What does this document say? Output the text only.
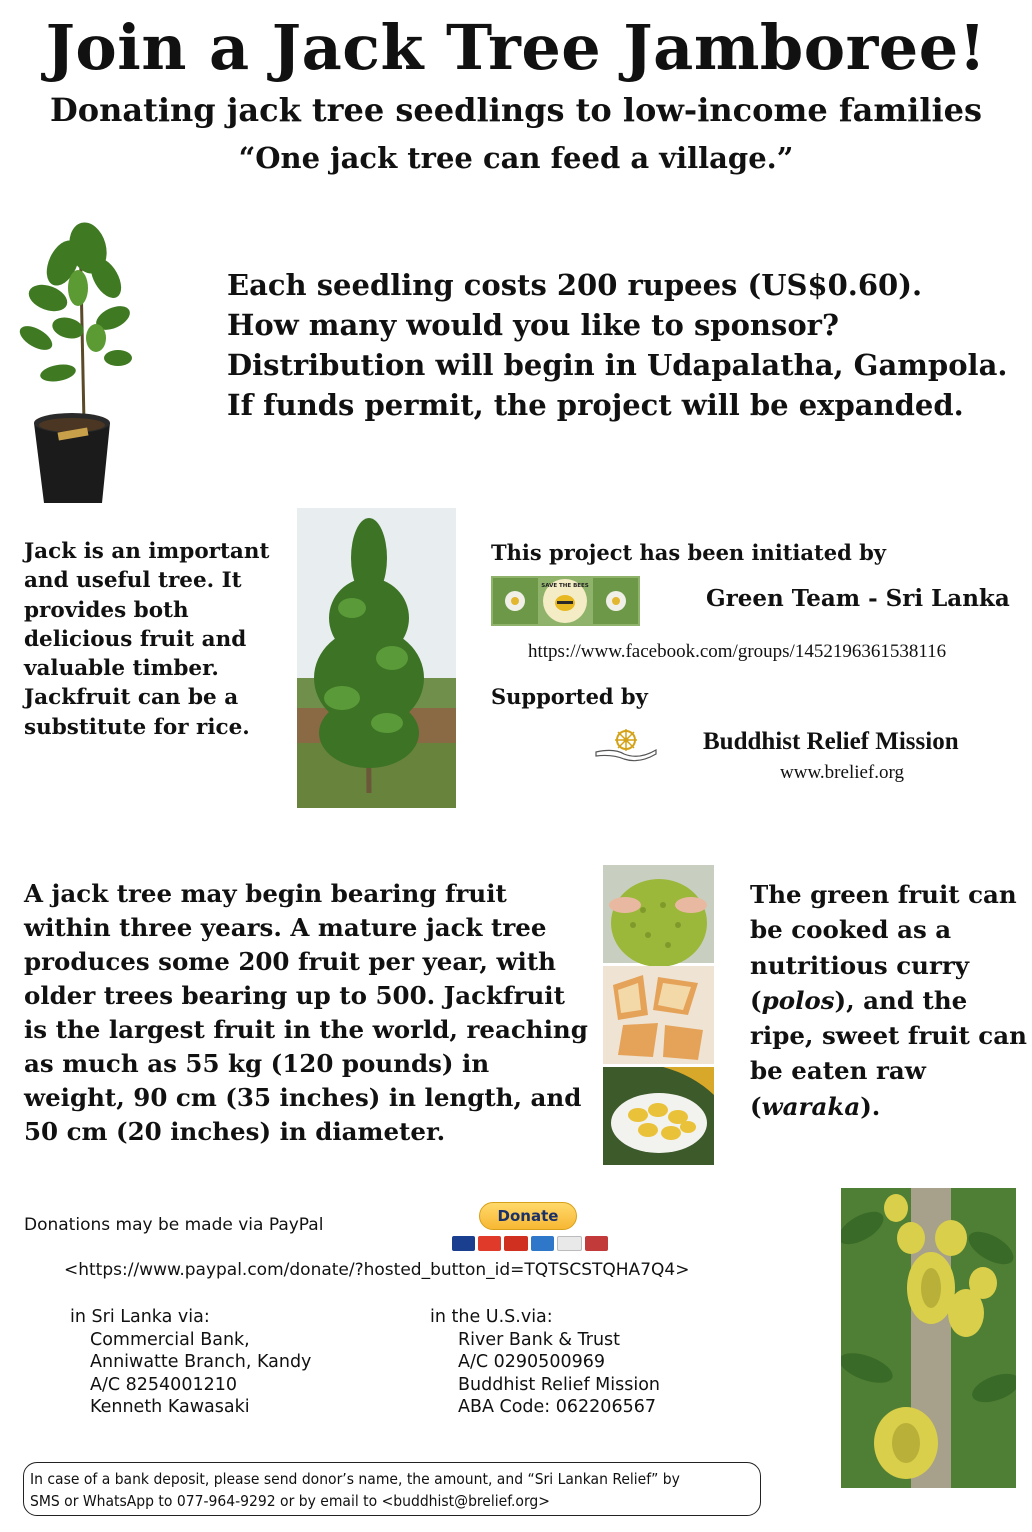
Join a Jack Tree Jamboree!
Donating jack tree seedlings to low-income families
“One jack tree can feed a village.”
Each seedling costs 200 rupees (US$0.60).
How many would you like to sponsor?
Distribution will begin in Udapalatha, Gampola.
If funds permit, the project will be expanded.
Jack is an important and useful tree. It provides both delicious fruit and valuable timber. Jackfruit can be a substitute for rice.
This project has been initiated by
SAVE THE BEES	Green Team - Sri Lanka
https://www.facebook.com/groups/1452196361538116
Supported by
Buddhist Relief Mission
www.brelief.org
A jack tree may begin bearing fruit within three years. A mature jack tree produces some 200 fruit per year, with older trees bearing up to 500. Jackfruit is the largest fruit in the world, reaching as much as 55 kg (120 pounds) in weight, 90 cm (35 inches) in length, and 50 cm (20 inches) in diameter.
The green fruit can be cooked as a nutritious curry (polos), and the ripe, sweet fruit can be eaten raw (waraka).
Donations may be made via PayPal	Donate
<https://www.paypal.com/donate/?hosted_button_id=TQTSCSTQHA7Q4>
in Sri Lanka via:
Commercial Bank,
Anniwatte Branch, Kandy
A/C 8254001210
Kenneth Kawasaki
in the U.S.via:
River Bank & Trust
A/C 0290500969
Buddhist Relief Mission
ABA Code: 062206567
In case of a bank deposit, please send donor’s name, the amount, and “Sri Lankan Relief” by
SMS or WhatsApp to 077-964-9292 or by email to <buddhist@brelief.org>
